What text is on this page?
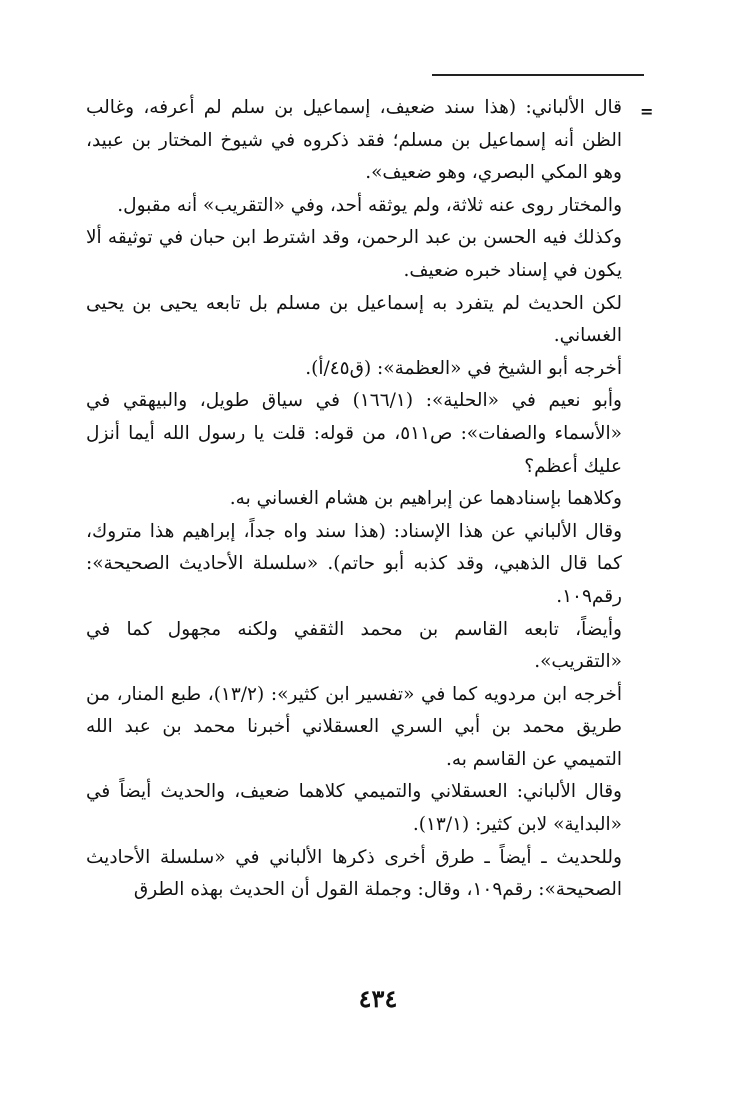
=

قال الألباني: (هذا سند ضعيف، إسماعيل بن سلم لم أعرفه، وغالب الظن أنه إسماعيل بن مسلم؛ فقد ذكروه في شيوخ المختار بن عبيد، وهو المكي البصري، وهو ضعيف».

والمختار روى عنه ثلاثة، ولم يوثقه أحد، وفي «التقريب» أنه مقبول.

وكذلك فيه الحسن بن عبد الرحمن، وقد اشترط ابن حبان في توثيقه ألا يكون في إسناد خبره ضعيف.

لكن الحديث لم يتفرد به إسماعيل بن مسلم بل تابعه يحيى بن يحيى الغساني.

أخرجه أبو الشيخ في «العظمة»: (ق٤٥/أ).

وأبو نعيم في «الحلية»: (١٦٦/١) في سياق طويل، والبيهقي في «الأسماء والصفات»: ص٥١١، من قوله: قلت يا رسول الله أيما أنزل عليك أعظم؟

وكلاهما بإسنادهما عن إبراهيم بن هشام الغساني به.

وقال الألباني عن هذا الإسناد: (هذا سند واه جداً، إبراهيم هذا متروك، كما قال الذهبي، وقد كذبه أبو حاتم). «سلسلة الأحاديث الصحيحة»: رقم١٠٩.

وأيضاً، تابعه القاسم بن محمد الثقفي ولكنه مجهول كما في «التقريب».

أخرجه ابن مردويه كما في «تفسير ابن كثير»: (١٣/٢)، طبع المنار، من طريق محمد بن أبي السري العسقلاني أخبرنا محمد بن عبد الله التميمي عن القاسم به.

وقال الألباني: العسقلاني والتميمي كلاهما ضعيف، والحديث أيضاً في «البداية» لابن كثير: (١٣/١).

وللحديث ـ أيضاً ـ طرق أخرى ذكرها الألباني في «سلسلة الأحاديث الصحيحة»: رقم١٠٩، وقال: وجملة القول أن الحديث بهذه الطرق

٤٣٤
